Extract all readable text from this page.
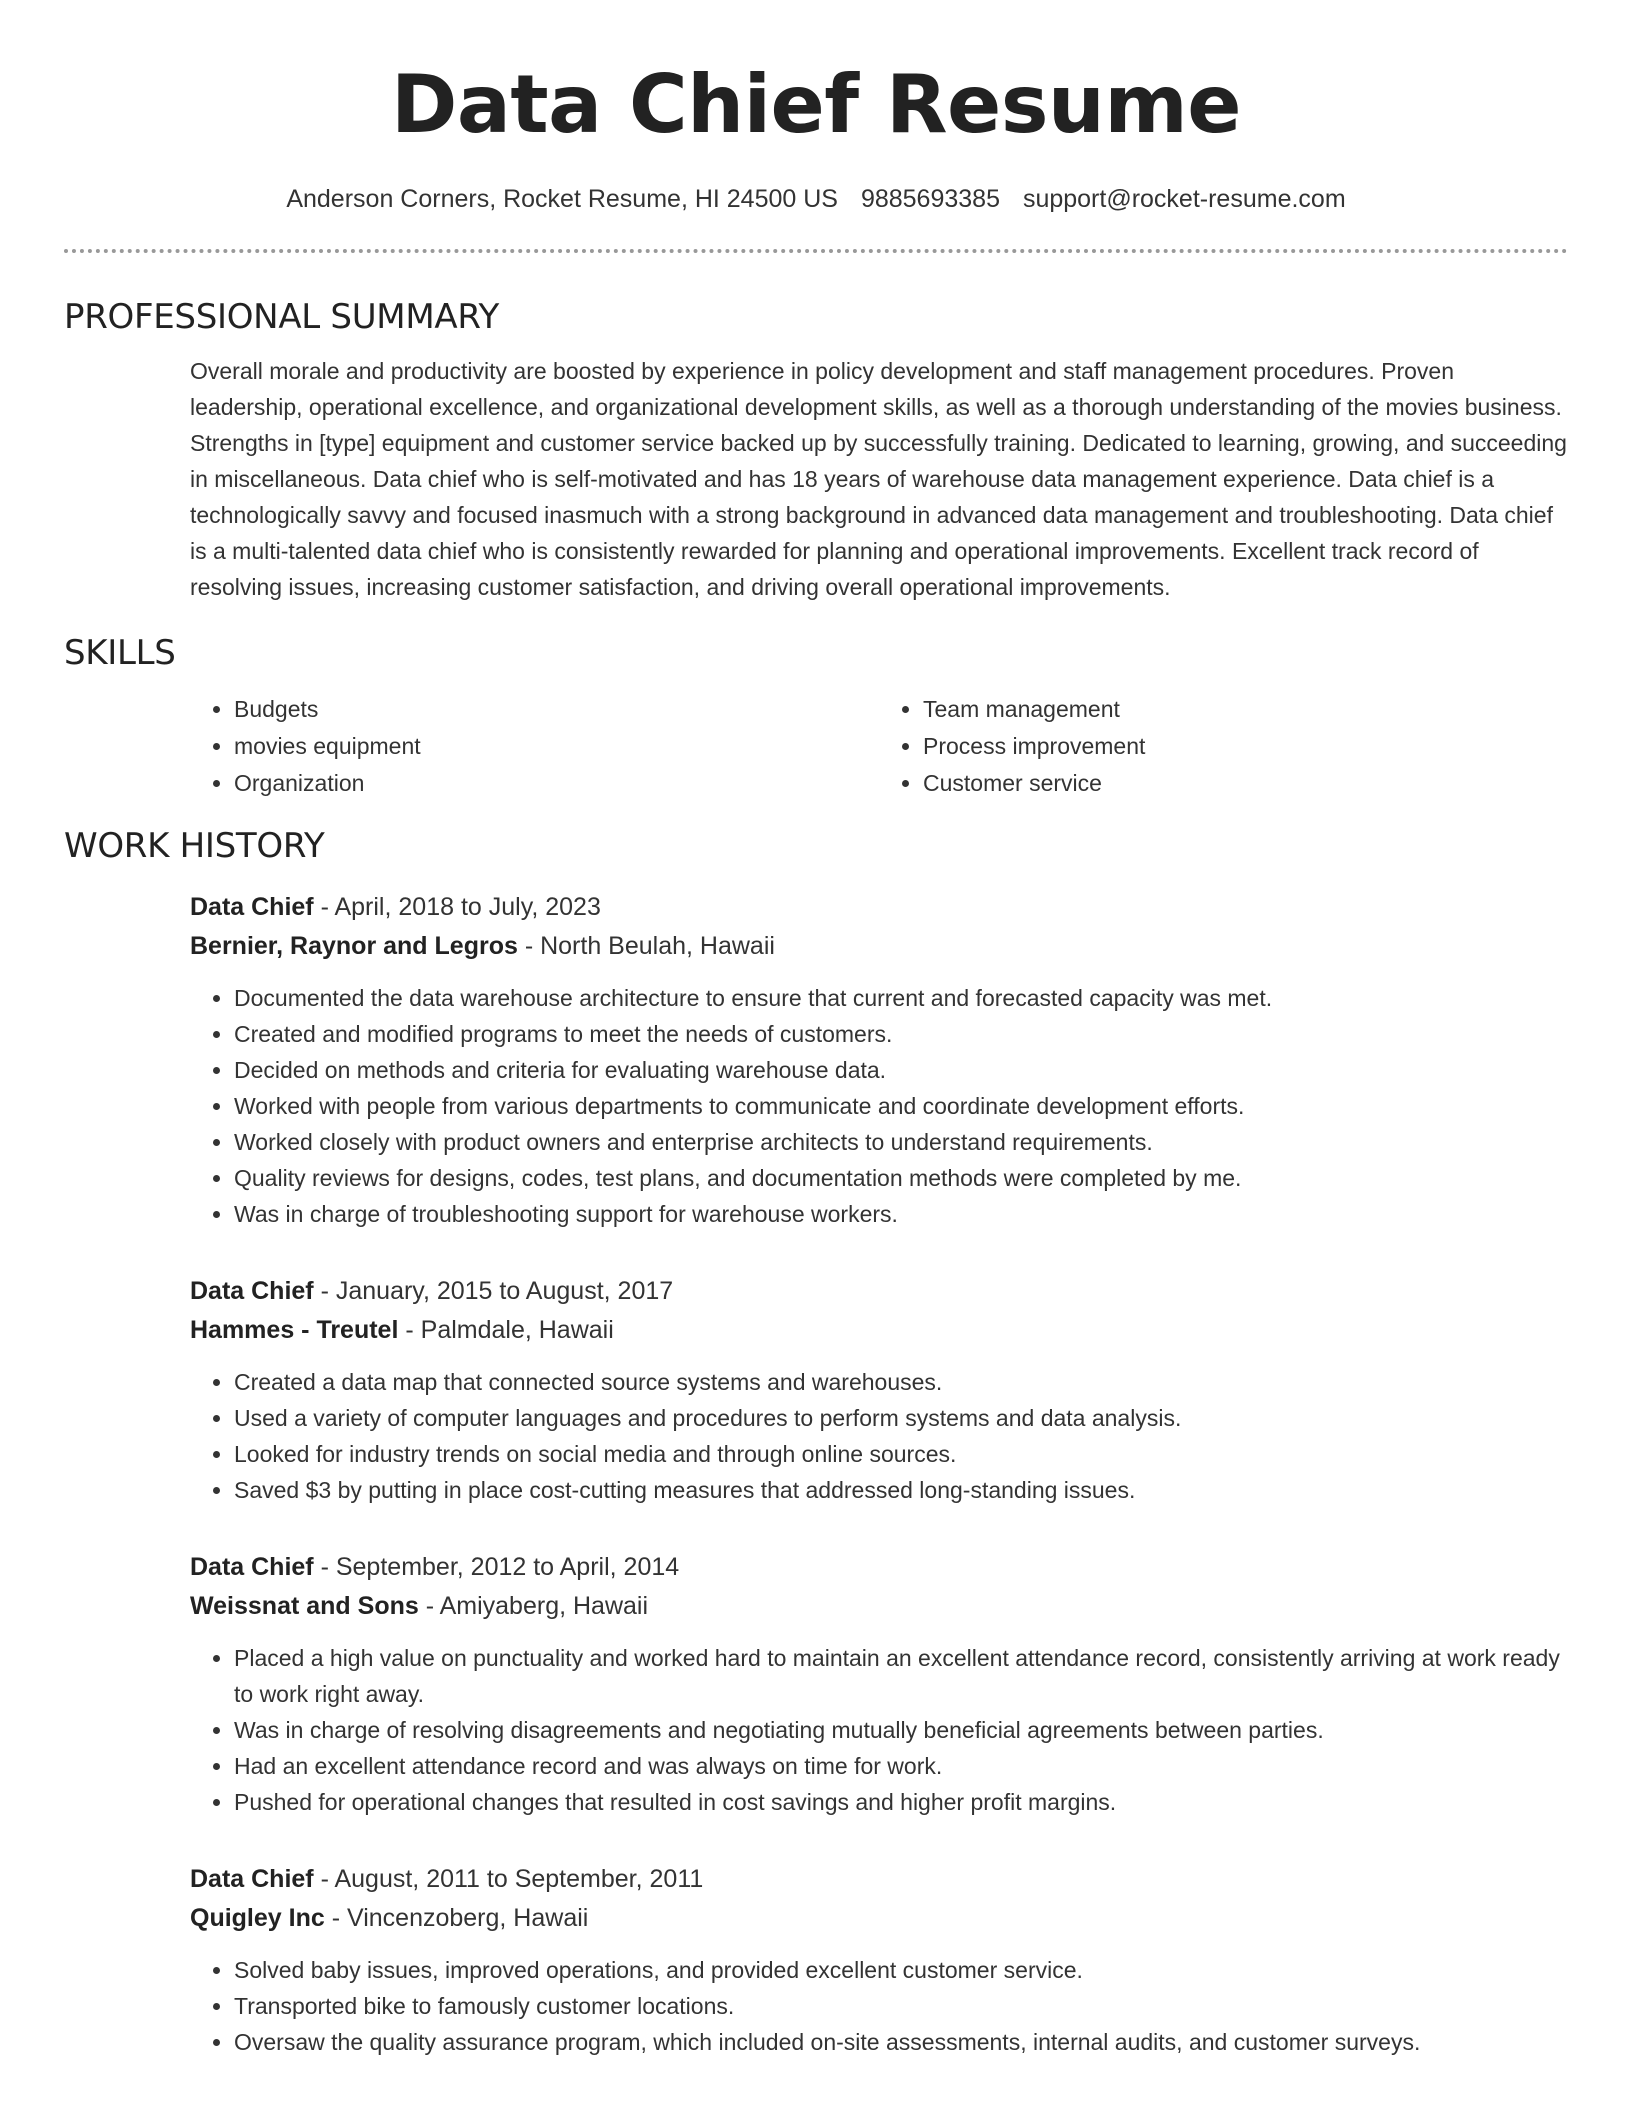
Data Chief Resume
Anderson Corners, Rocket Resume, HI 24500 US 9885693385 support@rocket-resume.com
PROFESSIONAL SUMMARY
Overall morale and productivity are boosted by experience in policy development and staff management procedures. Proven leadership, operational excellence, and organizational development skills, as well as a thorough understanding of the movies business. Strengths in [type] equipment and customer service backed up by successfully training. Dedicated to learning, growing, and succeeding in miscellaneous. Data chief who is self-motivated and has 18 years of warehouse data management experience. Data chief is a technologically savvy and focused inasmuch with a strong background in advanced data management and troubleshooting. Data chief is a multi-talented data chief who is consistently rewarded for planning and operational improvements. Excellent track record of resolving issues, increasing customer satisfaction, and driving overall operational improvements.
SKILLS
• Budgets
• movies equipment
• Organization
• Team management
• Process improvement
• Customer service
WORK HISTORY
Data Chief - April, 2018 to July, 2023
Bernier, Raynor and Legros - North Beulah, Hawaii
• Documented the data warehouse architecture to ensure that current and forecasted capacity was met.
• Created and modified programs to meet the needs of customers.
• Decided on methods and criteria for evaluating warehouse data.
• Worked with people from various departments to communicate and coordinate development efforts.
• Worked closely with product owners and enterprise architects to understand requirements.
• Quality reviews for designs, codes, test plans, and documentation methods were completed by me.
• Was in charge of troubleshooting support for warehouse workers.
Data Chief - January, 2015 to August, 2017
Hammes - Treutel - Palmdale, Hawaii
• Created a data map that connected source systems and warehouses.
• Used a variety of computer languages and procedures to perform systems and data analysis.
• Looked for industry trends on social media and through online sources.
• Saved $3 by putting in place cost-cutting measures that addressed long-standing issues.
Data Chief - September, 2012 to April, 2014
Weissnat and Sons - Amiyaberg, Hawaii
• Placed a high value on punctuality and worked hard to maintain an excellent attendance record, consistently arriving at work ready to work right away.
• Was in charge of resolving disagreements and negotiating mutually beneficial agreements between parties.
• Had an excellent attendance record and was always on time for work.
• Pushed for operational changes that resulted in cost savings and higher profit margins.
Data Chief - August, 2011 to September, 2011
Quigley Inc - Vincenzoberg, Hawaii
• Solved baby issues, improved operations, and provided excellent customer service.
• Transported bike to famously customer locations.
• Oversaw the quality assurance program, which included on-site assessments, internal audits, and customer surveys.
